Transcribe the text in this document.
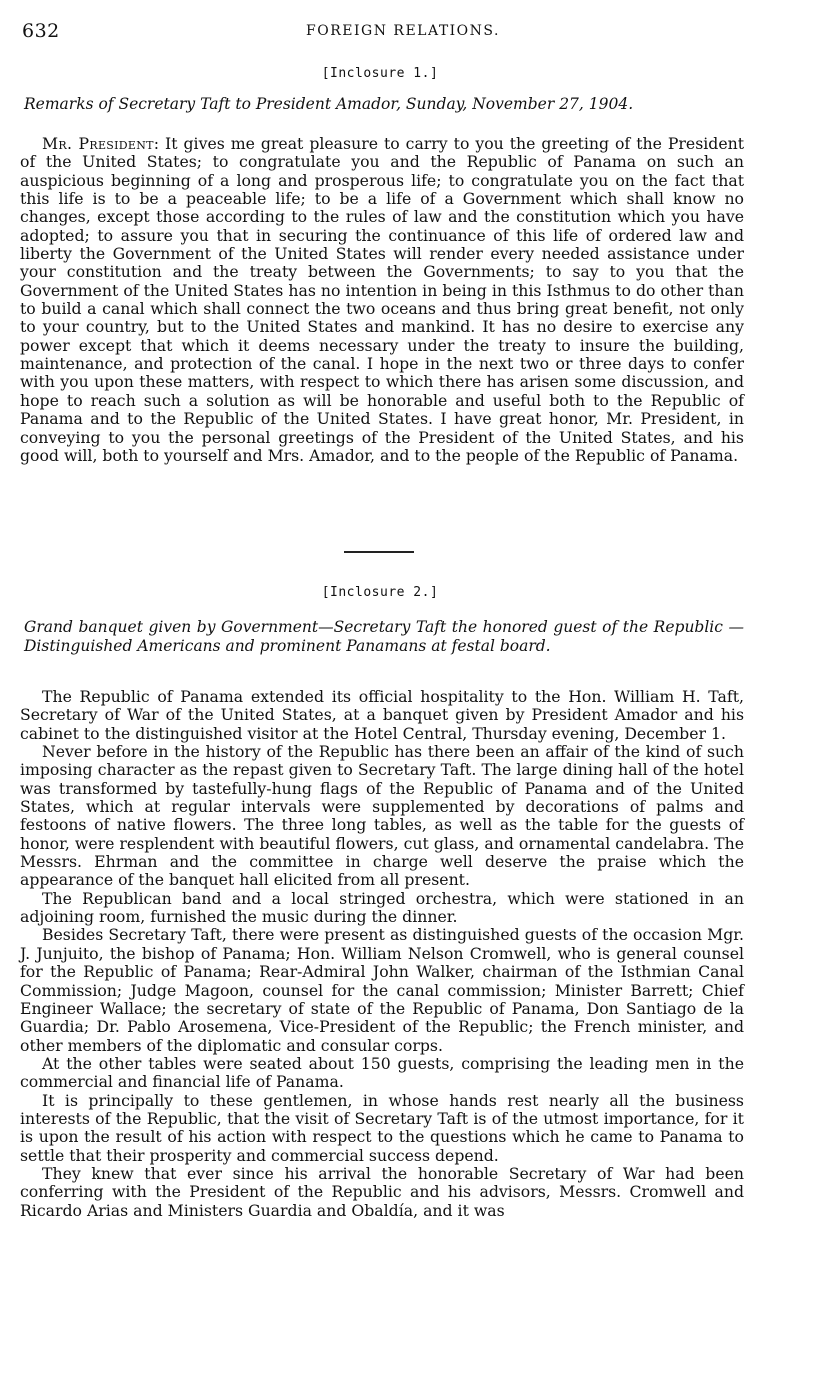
632	FOREIGN RELATIONS.
[Inclosure 1.]
Remarks of Secretary Taft to President Amador, Sunday, November 27, 1904.

Mr. President: It gives me great pleasure to carry to you the greeting of the President of the United States; to congratulate you and the Republic of Panama on such an auspicious beginning of a long and prosperous life; to congratulate you on the fact that this life is to be a peaceable life; to be a life of a Government which shall know no changes, except those according to the rules of law and the constitution which you have adopted; to assure you that in securing the continuance of this life of ordered law and liberty the Government of the United States will render every needed assistance under your constitution and the treaty between the Governments; to say to you that the Government of the United States has no intention in being in this Isthmus to do other than to build a canal which shall connect the two oceans and thus bring great benefit, not only to your country, but to the United States and mankind. It has no desire to exercise any power except that which it deems necessary under the treaty to insure the building, maintenance, and protection of the canal. I hope in the next two or three days to confer with you upon these matters, with respect to which there has arisen some discussion, and hope to reach such a solution as will be honorable and useful both to the Republic of Panama and to the Republic of the United States. I have great honor, Mr. President, in conveying to you the personal greetings of the President of the United States, and his good will, both to yourself and Mrs. Amador, and to the people of the Republic of Panama.

[Inclosure 2.]
Grand banquet given by Government—Secretary Taft the honored guest of the Republic — Distinguished Americans and prominent Panamans at festal board.

The Republic of Panama extended its official hospitality to the Hon. William H. Taft, Secretary of War of the United States, at a banquet given by President Amador and his cabinet to the distinguished visitor at the Hotel Central, Thursday evening, December 1.

Never before in the history of the Republic has there been an affair of the kind of such imposing character as the repast given to Secretary Taft. The large dining hall of the hotel was transformed by tastefully-hung flags of the Republic of Panama and of the United States, which at regular intervals were supplemented by decorations of palms and festoons of native flowers. The three long tables, as well as the table for the guests of honor, were resplendent with beautiful flowers, cut glass, and ornamental candelabra. The Messrs. Ehrman and the committee in charge well deserve the praise which the appearance of the banquet hall elicited from all present.

The Republican band and a local stringed orchestra, which were stationed in an adjoining room, furnished the music during the dinner.

Besides Secretary Taft, there were present as distinguished guests of the occasion Mgr. J. Junjuito, the bishop of Panama; Hon. William Nelson Cromwell, who is general counsel for the Republic of Panama; Rear-Admiral John Walker, chairman of the Isthmian Canal Commission; Judge Magoon, counsel for the canal commission; Minister Barrett; Chief Engineer Wallace; the secretary of state of the Republic of Panama, Don Santiago de la Guardia; Dr. Pablo Arosemena, Vice-President of the Republic; the French minister, and other members of the diplomatic and consular corps.

At the other tables were seated about 150 guests, comprising the leading men in the commercial and financial life of Panama.

It is principally to these gentlemen, in whose hands rest nearly all the business interests of the Republic, that the visit of Secretary Taft is of the utmost importance, for it is upon the result of his action with respect to the questions which he came to Panama to settle that their prosperity and commercial success depend.

They knew that ever since his arrival the honorable Secretary of War had been conferring with the President of the Republic and his advisors, Messrs. Cromwell and Ricardo Arias and Ministers Guardia and Obaldía, and it was
